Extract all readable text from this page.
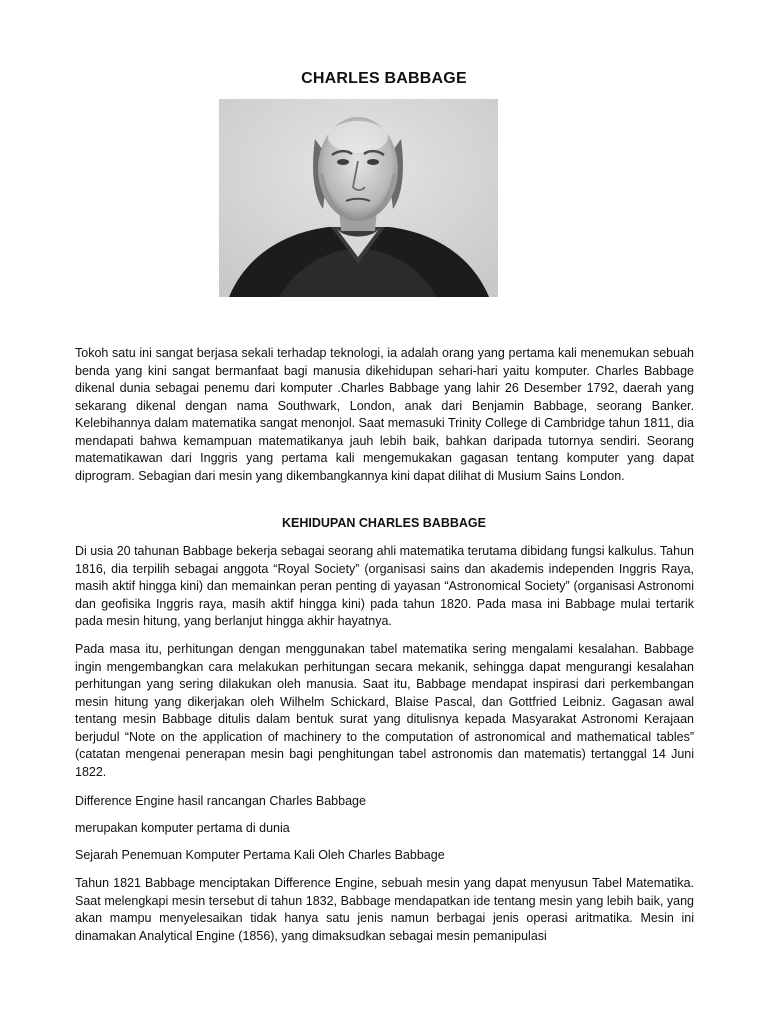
CHARLES BABBAGE

Tokoh satu ini sangat berjasa sekali terhadap teknologi, ia adalah orang yang pertama kali menemukan sebuah benda yang kini sangat bermanfaat bagi manusia dikehidupan sehari-hari yaitu komputer. Charles Babbage dikenal dunia sebagai penemu dari komputer .Charles Babbage yang lahir 26 Desember 1792, daerah yang sekarang dikenal dengan nama Southwark, London, anak dari Benjamin Babbage, seorang Banker. Kelebihannya dalam matematika sangat menonjol. Saat memasuki Trinity College di Cambridge tahun 1811, dia mendapati bahwa kemampuan matematikanya jauh lebih baik, bahkan daripada tutornya sendiri. Seorang matematikawan dari Inggris yang pertama kali mengemukakan gagasan tentang komputer yang dapat diprogram. Sebagian dari mesin yang dikembangkannya kini dapat dilihat di Musium Sains London.

KEHIDUPAN CHARLES BABBAGE

Di usia 20 tahunan Babbage bekerja sebagai seorang ahli matematika terutama dibidang fungsi kalkulus. Tahun 1816, dia terpilih sebagai anggota “Royal Society” (organisasi sains dan akademis independen Inggris Raya, masih aktif hingga kini) dan memainkan peran penting di yayasan “Astronomical Society” (organisasi Astronomi dan geofisika Inggris raya, masih aktif hingga kini) pada tahun 1820. Pada masa ini Babbage mulai tertarik pada mesin hitung, yang berlanjut hingga akhir hayatnya.

Pada masa itu, perhitungan dengan menggunakan tabel matematika sering mengalami kesalahan. Babbage ingin mengembangkan cara melakukan perhitungan secara mekanik, sehingga dapat mengurangi kesalahan perhitungan yang sering dilakukan oleh manusia. Saat itu, Babbage mendapat inspirasi dari perkembangan mesin hitung yang dikerjakan oleh Wilhelm Schickard, Blaise Pascal, dan Gottfried Leibniz. Gagasan awal tentang mesin Babbage ditulis dalam bentuk surat yang ditulisnya kepada Masyarakat Astronomi Kerajaan berjudul “Note on the application of machinery to the computation of astronomical and mathematical tables” (catatan mengenai penerapan mesin bagi penghitungan tabel astronomis dan matematis) tertanggal 14 Juni 1822.

Difference Engine hasil rancangan Charles Babbage
merupakan komputer pertama di dunia
Sejarah Penemuan Komputer Pertama Kali Oleh Charles Babbage

Tahun 1821 Babbage menciptakan Difference Engine, sebuah mesin yang dapat menyusun Tabel Matematika. Saat melengkapi mesin tersebut di tahun 1832, Babbage mendapatkan ide tentang mesin yang lebih baik, yang akan mampu menyelesaikan tidak hanya satu jenis namun berbagai jenis operasi aritmatika. Mesin ini dinamakan Analytical Engine (1856), yang dimaksudkan sebagai mesin pemanipulasi
